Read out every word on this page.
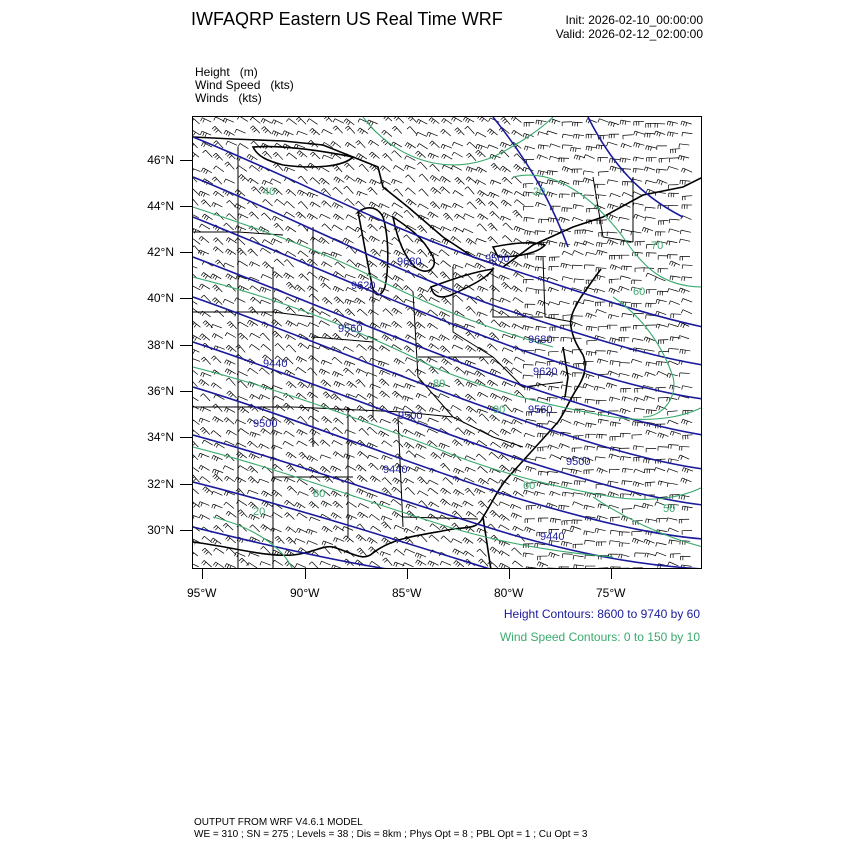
IWFAQRP Eastern US Real Time WRF	Init: 2026-02-10_00:00:00
Valid: 2026-02-12_02:00:00
Height (m)
Wind Speed (kts)
Winds (kts)
46°N
44°N
42°N
40°N
38°N
36°N
34°N
32°N
30°N
95°W	90°W	85°W	80°W	75°W
9680
9620
9560
9500
9440
9500
9680
9620
9560
9500
9440
9440
9500
20
70
40
60
80
90
60
50
80
20
Height Contours: 8600 to 9740 by 60
Wind Speed Contours: 0 to 150 by 10
OUTPUT FROM WRF V4.6.1 MODEL
WE = 310 ; SN = 275 ; Levels = 38 ; Dis = 8km ; Phys Opt = 8 ; PBL Opt = 1 ; Cu Opt = 3
